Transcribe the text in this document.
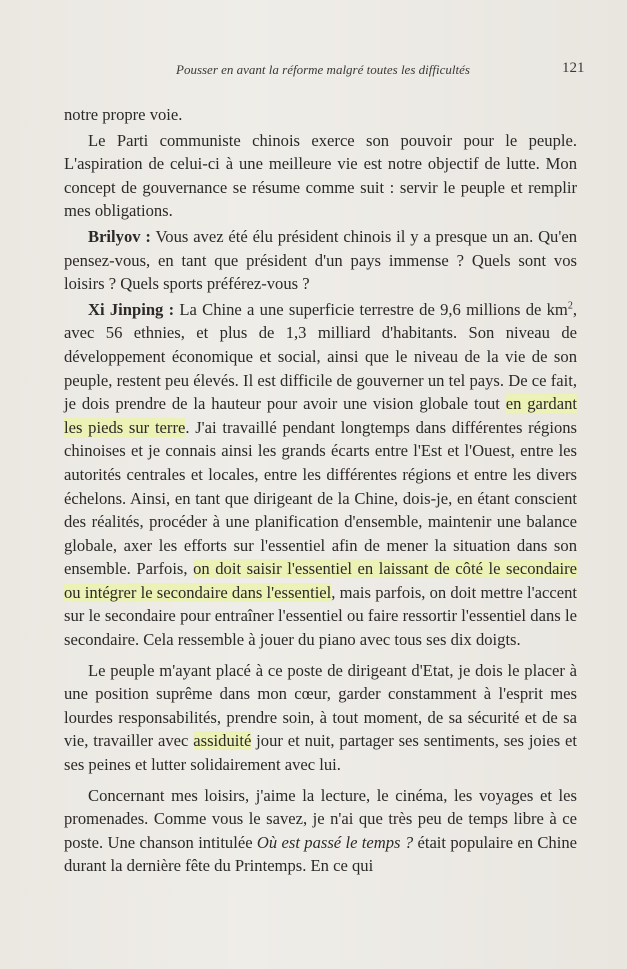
Pousser en avant la réforme malgré toutes les difficultés	121

notre propre voie.

Le Parti communiste chinois exerce son pouvoir pour le peuple. L'aspiration de celui-ci à une meilleure vie est notre objectif de lutte. Mon concept de gouvernance se résume comme suit : servir le peuple et remplir mes obligations.

Brilyov : Vous avez été élu président chinois il y a presque un an. Qu'en pensez-vous, en tant que président d'un pays immense ? Quels sont vos loisirs ? Quels sports préférez-vous ?

Xi Jinping : La Chine a une superficie terrestre de 9,6 millions de $km^2$, avec 56 ethnies, et plus de 1,3 milliard d'habitants. Son niveau de développement économique et social, ainsi que le niveau de la vie de son peuple, restent peu élevés. Il est difficile de gouverner un tel pays. De ce fait, je dois prendre de la hauteur pour avoir une vision globale tout en gardant les pieds sur terre. J'ai travaillé pendant longtemps dans différentes régions chinoises et je connais ainsi les grands écarts entre l'Est et l'Ouest, entre les autorités centrales et locales, entre les différentes régions et entre les divers échelons. Ainsi, en tant que dirigeant de la Chine, dois-je, en étant conscient des réalités, procéder à une planification d'ensemble, maintenir une balance globale, axer les efforts sur l'essentiel afin de mener la situation dans son ensemble. Parfois, on doit saisir l'essentiel en laissant de côté le secondaire ou intégrer le secondaire dans l'essentiel, mais parfois, on doit mettre l'accent sur le secondaire pour entraîner l'essentiel ou faire ressortir l'essentiel dans le secondaire. Cela ressemble à jouer du piano avec tous ses dix doigts.

Le peuple m'ayant placé à ce poste de dirigeant d'Etat, je dois le placer à une position suprême dans mon cœur, garder constamment à l'esprit mes lourdes responsabilités, prendre soin, à tout moment, de sa sécurité et de sa vie, travailler avec assiduité jour et nuit, partager ses sentiments, ses joies et ses peines et lutter solidairement avec lui.

Concernant mes loisirs, j'aime la lecture, le cinéma, les voyages et les promenades. Comme vous le savez, je n'ai que très peu de temps libre à ce poste. Une chanson intitulée Où est passé le temps ? était populaire en Chine durant la dernière fête du Printemps. En ce qui
